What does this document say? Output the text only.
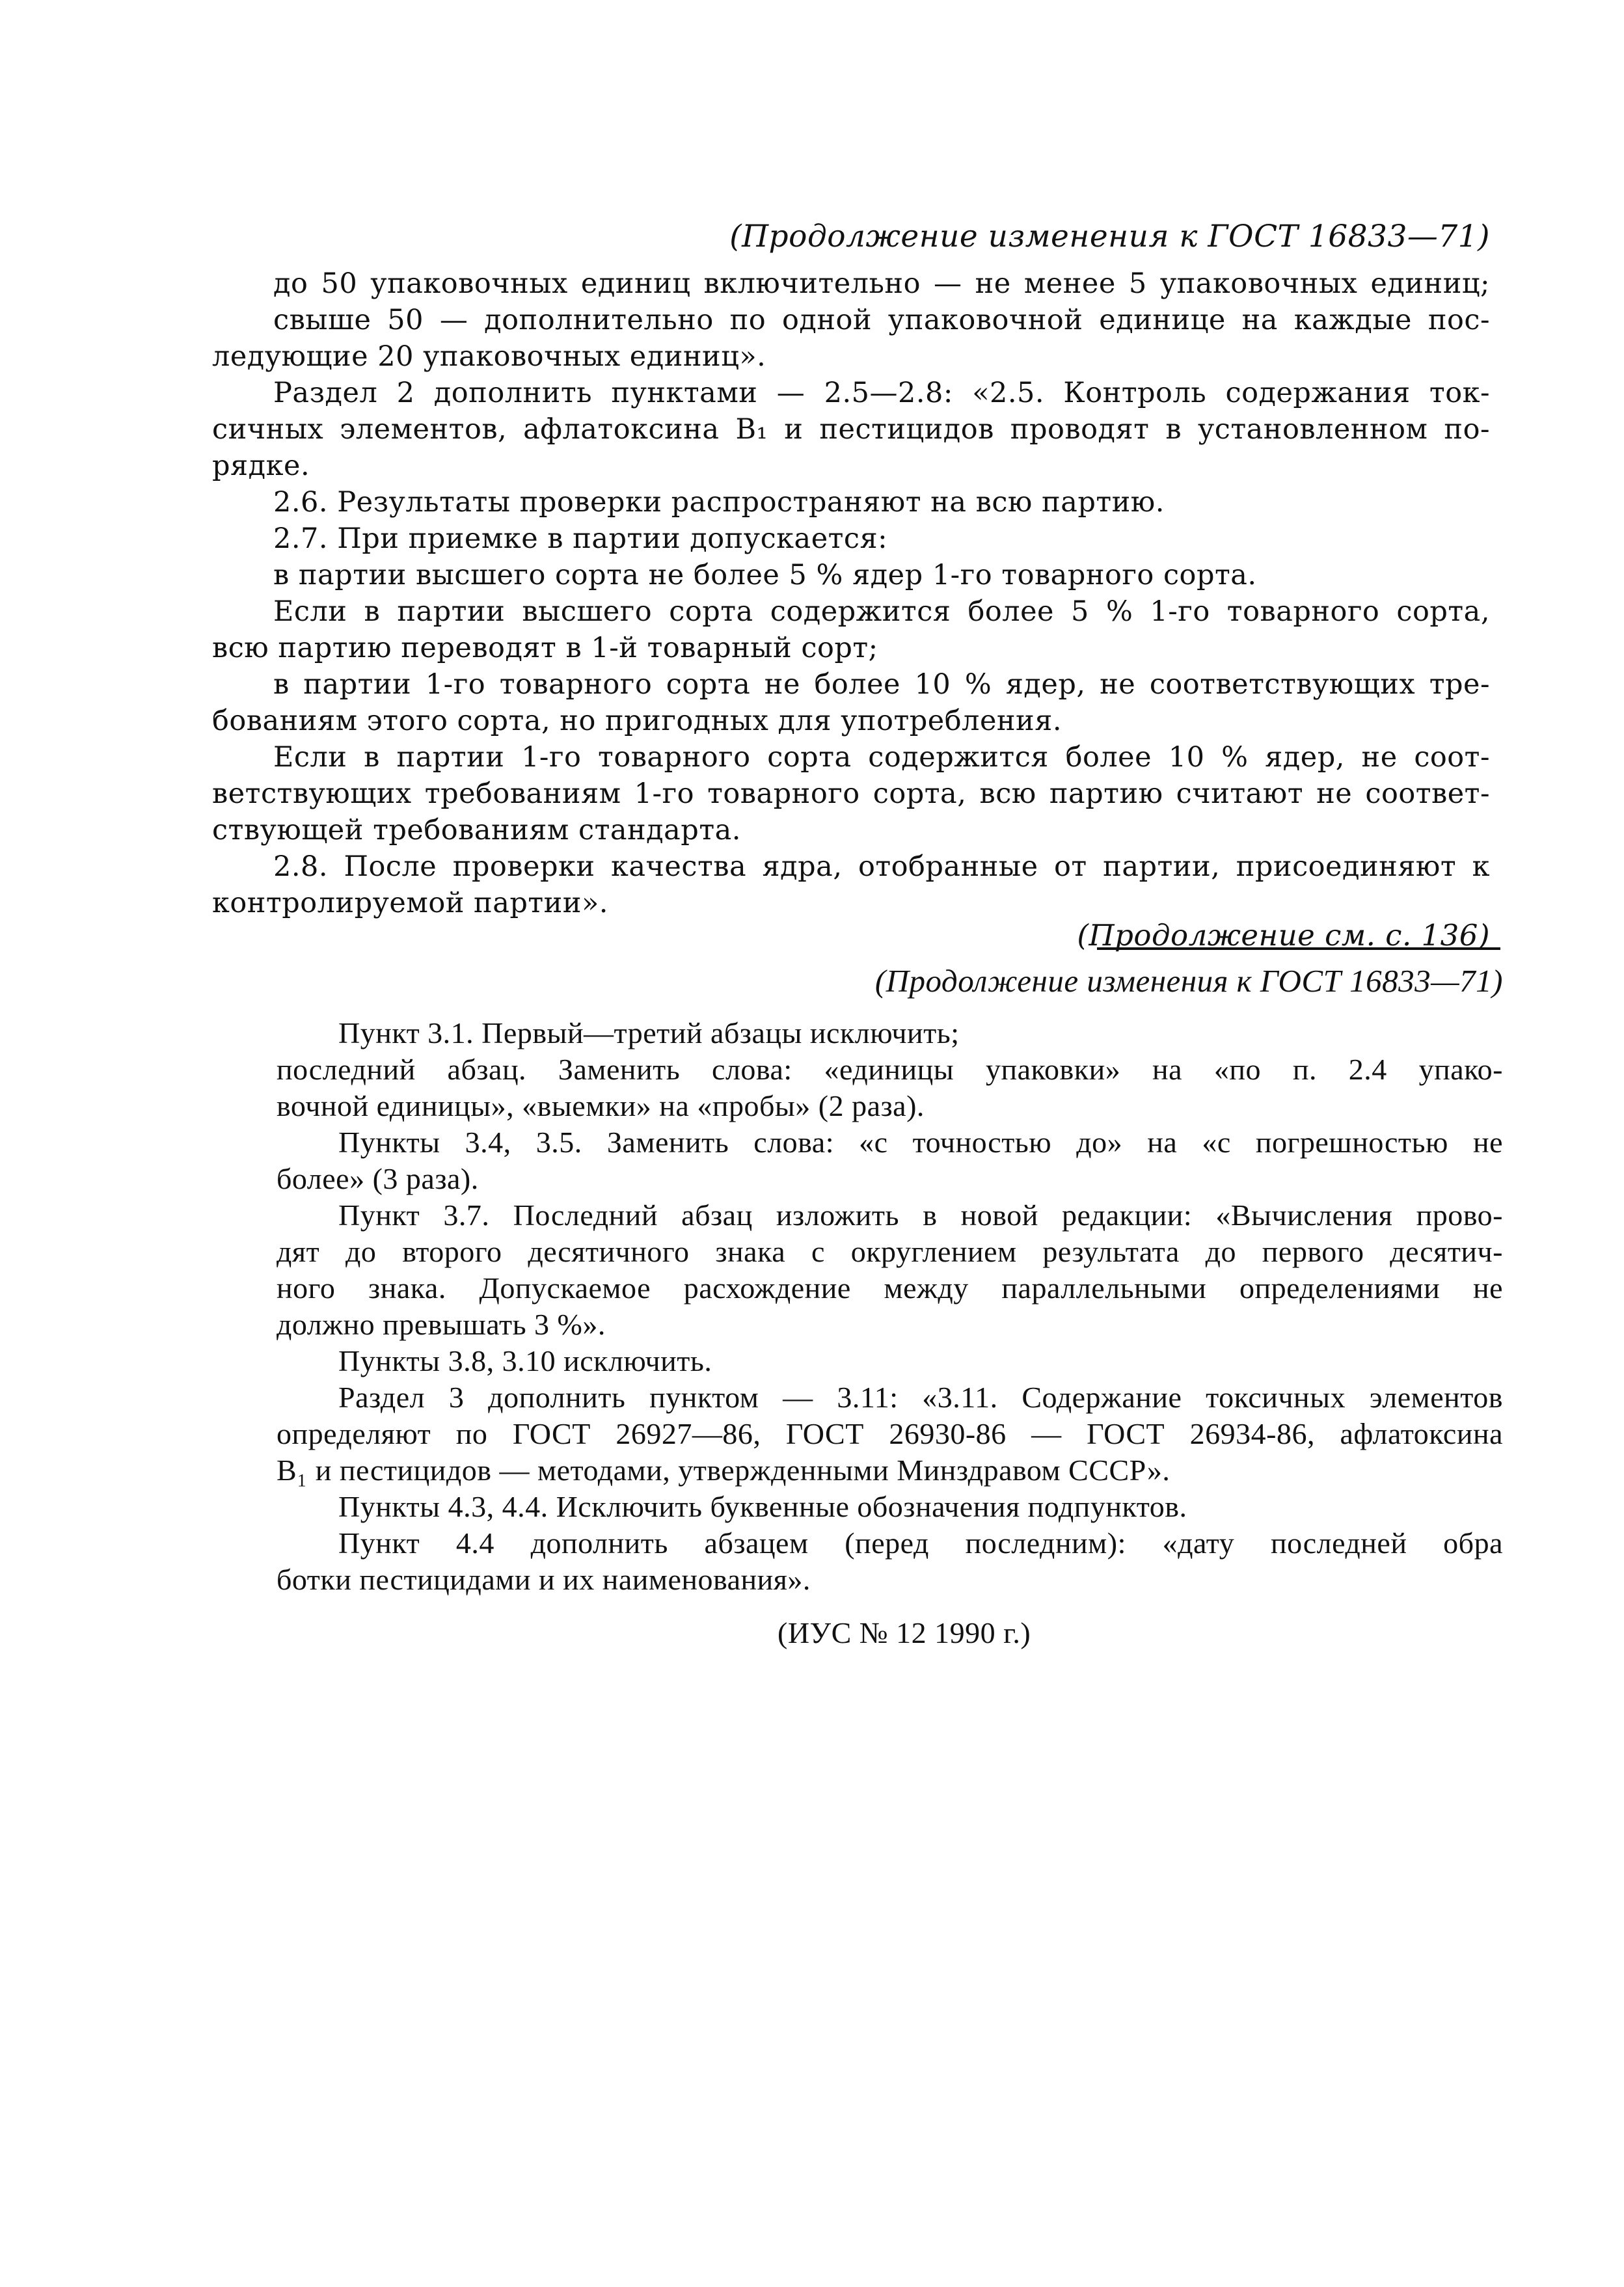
(Продолжение изменения к ГОСТ 16833—71)
до 50 упаковочных единиц включительно — не менее 5 упаковочных единиц;
свыше 50 — дополнительно по одной упаковочной единице на каждые пос-
ледующие 20 упаковочных единиц».
Раздел 2 дополнить пунктами — 2.5—2.8: «2.5. Контроль содержания ток-
сичных элементов, афлатоксина B₁ и пестицидов проводят в установленном по-
рядке.
2.6. Результаты проверки распространяют на всю партию.
2.7. При приемке в партии допускается:
в партии высшего сорта не более 5 % ядер 1-го товарного сорта.
Если в партии высшего сорта содержится более 5 % 1-го товарного сорта,
всю партию переводят в 1-й товарный сорт;
в партии 1-го товарного сорта не более 10 % ядер, не соответствующих тре-
бованиям этого сорта, но пригодных для употребления.
Если в партии 1-го товарного сорта содержится более 10 % ядер, не соот-
ветствующих требованиям 1-го товарного сорта, всю партию считают не соответ-
ствующей требованиям стандарта.
2.8. После проверки качества ядра, отобранные от партии, присоединяют к
контролируемой партии».
(Продолжение см. с. 136)
(Продолжение изменения к ГОСТ 16833—71)
Пункт 3.1. Первый—третий абзацы исключить;
последний абзац. Заменить слова: «единицы упаковки» на «по п. 2.4 упако-
вочной единицы», «выемки» на «пробы» (2 раза).
Пункты 3.4, 3.5. Заменить слова: «с точностью до» на «с погрешностью не
более» (3 раза).
Пункт 3.7. Последний абзац изложить в новой редакции: «Вычисления прово-
дят до второго десятичного знака с округлением результата до первого десятич-
ного знака. Допускаемое расхождение между параллельными определениями не
должно превышать 3 %».
Пункты 3.8, 3.10 исключить.
Раздел 3 дополнить пунктом — 3.11: «3.11. Содержание токсичных элементов
определяют по ГОСТ 26927—86, ГОСТ 26930-86 — ГОСТ 26934-86, афлатоксина
B₁ и пестицидов — методами, утвержденными Минздравом СССР».
Пункты 4.3, 4.4. Исключить буквенные обозначения подпунктов.
Пункт 4.4 дополнить абзацем (перед последним): «дату последней обра
ботки пестицидами и их наименования».
(ИУС № 12 1990 г.)
